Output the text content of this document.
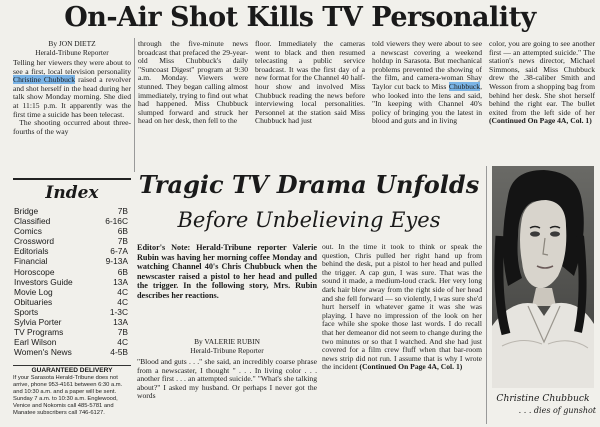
On-Air Shot Kills TV Personality
By JON DIETZ
Herald-Tribune Reporter
Telling her viewers they were about to see a first, local television personality Christine Chubbuck raised a revolver and shot herself in the head during her talk show Monday morning. She died at 11:15 p.m. It apparently was the first time a suicide has been telecast.
The shooting occurred about three-fourths of the way
through the five-minute news broadcast that prefaced the 29-year-old Miss Chubbuck's daily "Suncoast Digest" program at 9:30 a.m. Monday. Viewers were stunned. They began calling almost immediately, trying to find out what had happened. Miss Chubbuck slumped forward and struck her head on her desk, then fell to the
floor. Immediately the cameras went to black and then resumed telecasting a public service broadcast. It was the first day of a new format for the Channel 40 half-hour show and involved Miss Chubbuck reading the news before interviewing local personalities. Personnel at the station said Miss Chubbuck had just
told viewers they were about to see a newscast covering a weekend holdup in Sarasota. But mechanical problems prevented the showing of the film, and camera-woman Shay Taylor cut back to Miss Chubbuck, who looked into the lens and said, "In keeping with Channel 40's policy of bringing you the latest in blood and guts and in living
color, you are going to see another first — an attempted suicide." The station's news director, Michael Simmons, said Miss Chubbuck drew the .38-caliber Smith and Wesson from a shopping bag from behind her desk. She shot herself behind the right ear. The bullet exited from the left side of her (Continued On Page 4A, Col. 1)
Index
Bridge	7B
Classified	6-16C
Comics	6B
Crossword	7B
Editorials	6-7A
Financial	9-13A
Horoscope	6B
Investors Guide	13A
Movie Log	4C
Obituaries	4C
Sports	1-3C
Sylvia Porter	13A
TV Programs	7B
Earl Wilson	4C
Women's News	4-5B
GUARANTEED DELIVERY
If your Sarasota Herald-Tribune does not arrive, phone 953-4161 between 6:30 a.m. and 10:30 a.m. and a paper will be sent. Sunday 7 a.m. to 10:30 a.m. Englewood, Venice and Nokomis call 485-5781 and Manatee subscribers call 746-6127.
Tragic TV Drama Unfolds
Before Unbelieving Eyes
Editor's Note: Herald-Tribune reporter Valerie Rubin was having her morning coffee Monday and watching Channel 40's Chris Chubbuck when the newscaster raised a pistol to her head and pulled the trigger. In the following story, Mrs. Rubin describes her reactions.
By VALERIE RUBIN
Herald-Tribune Reporter
"Blood and guts . . ." she said, an incredibly coarse phrase from a newscaster, I thought " . . . In living color . . . another first . . . an attempted suicide." "What's she talking about?" I asked my husband. Or perhaps I never got the words
out. In the time it took to think or speak the question, Chris pulled her right hand up from behind the desk, put a pistol to her head and pulled the trigger. A cap gun, I was sure. That was the sound it made, a medium-loud crack. Her very long dark hair blew away from the right side of her head and she fell forward — so violently, I was sure she'd hurt herself in whatever game it was she was playing. I have no impression of the look on her face while she spoke those last words. I do recall that her demeanor did not seem to change during the two minutes or so that I watched. And she had just covered for a film crew fluff when that bar-room news strip did not run. I assume that is why I wrote the incident (Continued On Page 4A, Col. 1)
Christine Chubbuck
. . . dies of gunshot
